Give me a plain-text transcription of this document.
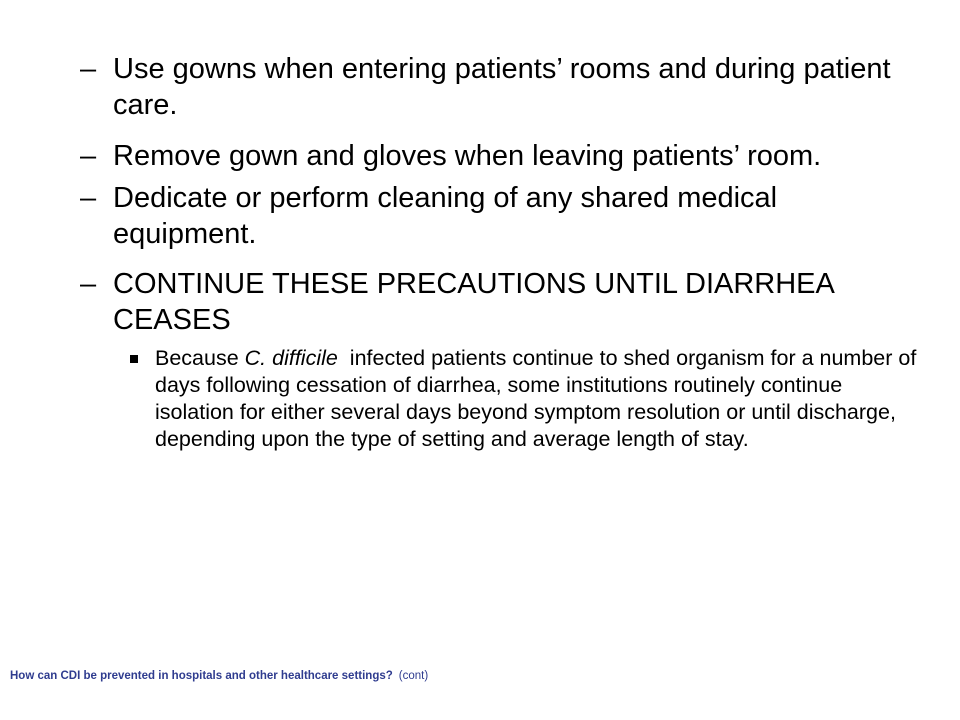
– Use gowns when entering patients’ rooms and during patient care.
– Remove gown and gloves when leaving patients’ room.
– Dedicate or perform cleaning of any shared medical equipment.
– CONTINUE THESE PRECAUTIONS UNTIL DIARRHEA CEASES
Because C. difficile  infected patients continue to shed organism for a number of days following cessation of diarrhea, some institutions routinely continue isolation for either several days beyond symptom resolution or until discharge, depending upon the type of setting and average length of stay.
How can CDI be prevented in hospitals and other healthcare settings? (cont)
